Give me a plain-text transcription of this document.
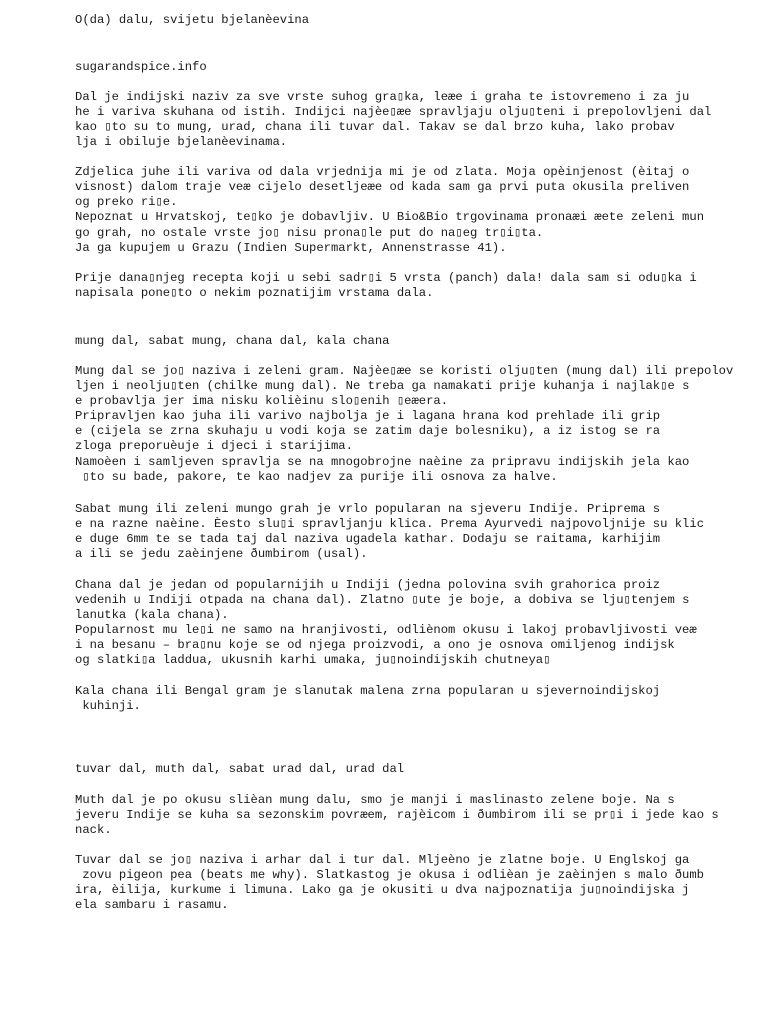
O(da) dalu, svijetu bjelanèevina

sugarandspice.info

Dal je indijski naziv za sve vrste suhog gra▯ka, leæe i graha te istovremeno i za ju

he i variva skuhana od istih. Indijci najèe▯æe spravljaju olju▯teni i prepolovljeni dal

kao ▯to su to mung, urad, chana ili tuvar dal. Takav se dal brzo kuha, lako probav

lja i obiluje bjelanèevinama.

Zdjelica juhe ili variva od dala vrjednija mi je od zlata. Moja opèinjenost (èitaj o

visnost) dalom traje veæ cijelo desetljeæe od kada sam ga prvi puta okusila preliven

og preko ri▯e.

Nepoznat u Hrvatskoj, te▯ko je dobavljiv. U Bio&Bio trgovinama pronaæi æete zeleni mun

go grah, no ostale vrste jo▯ nisu prona▯le put do na▯eg tr▯i▯ta.

Ja ga kupujem u Grazu (Indien Supermarkt, Annenstrasse 41).

Prije dana▯njeg recepta koji u sebi sadr▯i 5 vrsta (panch) dala! dala sam si odu▯ka i

napisala pone▯to o nekim poznatijim vrstama dala.

mung dal, sabat mung, chana dal, kala chana

Mung dal se jo▯ naziva i zeleni gram. Najèe▯æe se koristi olju▯ten (mung dal) ili prepolov

ljen i neolju▯ten (chilke mung dal). Ne treba ga namakati prije kuhanja i najlak▯e s

e probavlja jer ima nisku kolièinu slo▯enih ▯eæera.

Pripravljen kao juha ili varivo najbolja je i lagana hrana kod prehlade ili grip

e (cijela se zrna skuhaju u vodi koja se zatim daje bolesniku), a iz istog se ra

zloga preporuèuje i djeci i starijima.

Namoèen i samljeven spravlja se na mnogobrojne naèine za pripravu indijskih jela kao

▯to su bade, pakore, te kao nadjev za purije ili osnova za halve.

Sabat mung ili zeleni mungo grah je vrlo popularan na sjeveru Indije. Priprema s

e na razne naèine. Èesto slu▯i spravljanju klica. Prema Ayurvedi najpovoljnije su klic

e duge 6mm te se tada taj dal naziva ugadela kathar. Dodaju se raitama, karhijim

a ili se jedu zaèinjene ðumbirom (usal).

Chana dal je jedan od popularnijih u Indiji (jedna polovina svih grahorica proiz

vedenih u Indiji otpada na chana dal). Zlatno ▯ute je boje, a dobiva se lju▯tenjem s

lanutka (kala chana).

Popularnost mu le▯i ne samo na hranjivosti, odliènom okusu i lakoj probavljivosti veæ

i na besanu – bra▯nu koje se od njega proizvodi, a ono je osnova omiljenog indijsk

og slatki▯a laddua, ukusnih karhi umaka, ju▯noindijskih chutneya▯

Kala chana ili Bengal gram je slanutak malena zrna popularan u sjevernoindijskoj

kuhinji.

tuvar dal, muth dal, sabat urad dal, urad dal

Muth dal je po okusu slièan mung dalu, smo je manji i maslinasto zelene boje. Na s

jeveru Indije se kuha sa sezonskim povræem, rajèicom i ðumbirom ili se pr▯i i jede kao s

nack.

Tuvar dal se jo▯ naziva i arhar dal i tur dal. Mljeèno je zlatne boje. U Englskoj ga

zovu pigeon pea (beats me why). Slatkastog je okusa i odlièan je zaèinjen s malo ðumb

ira, èilija, kurkume i limuna. Lako ga je okusiti u dva najpoznatija ju▯noindijska j

ela sambaru i rasamu.
